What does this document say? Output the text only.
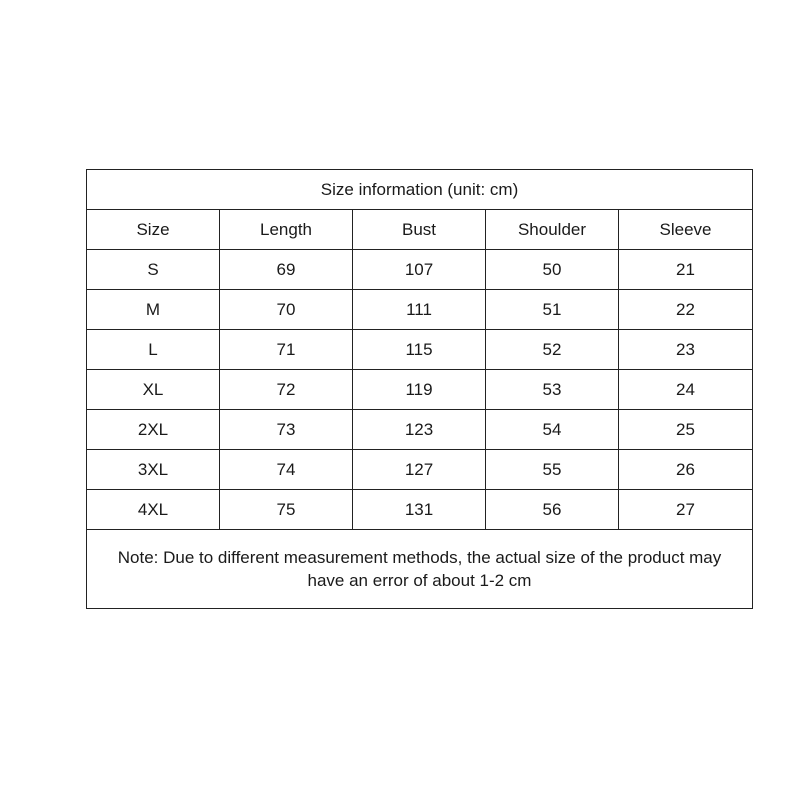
Size information (unit: cm)				
Size	Length	Bust	Shoulder	Sleeve
S	69	107	50	21
M	70	111	51	22
L	71	115	52	23
XL	72	119	53	24
2XL	73	123	54	25
3XL	74	127	55	26
4XL	75	131	56	27
Note: Due to different measurement methods, the actual size of the product may have an error of about 1-2 cm				
